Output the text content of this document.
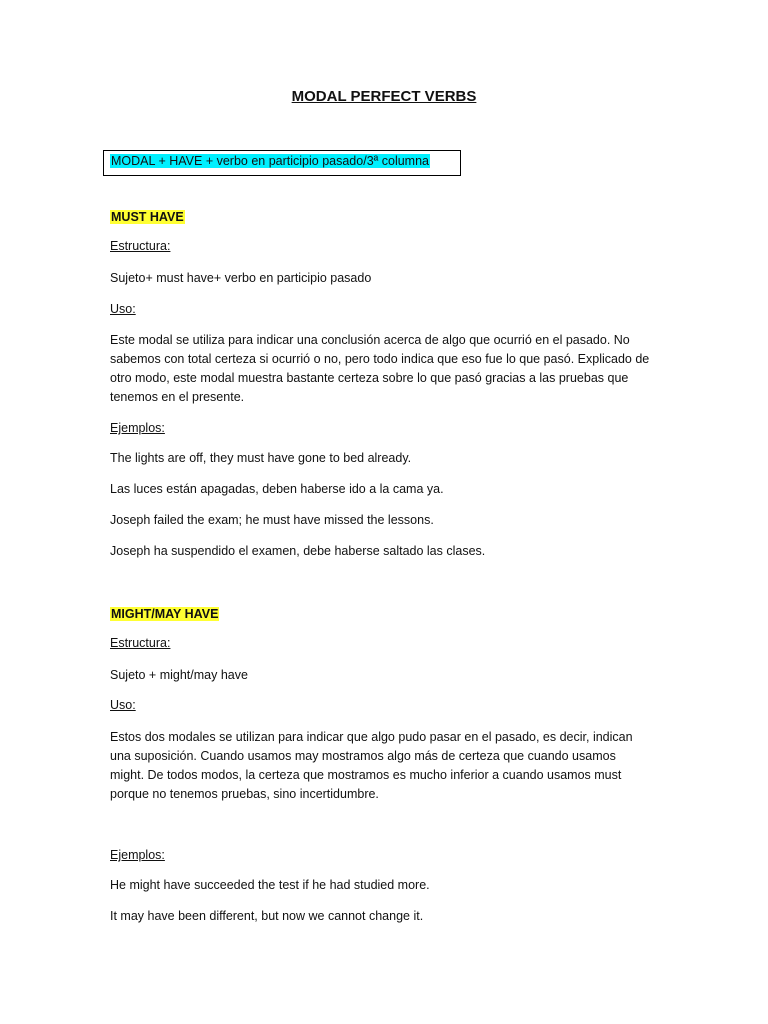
MODAL PERFECT VERBS
MODAL + HAVE + verbo en participio pasado/3ª columna
MUST HAVE
Estructura:
Sujeto+ must have+ verbo en participio pasado
Uso:

Este modal se utiliza para indicar una conclusión acerca de algo que ocurrió en el pasado. No sabemos con total certeza si ocurrió o no, pero todo indica que eso fue lo que pasó. Explicado de otro modo, este modal muestra bastante certeza sobre lo que pasó gracias a las pruebas que tenemos en el presente.

Ejemplos:
The lights are off, they must have gone to bed already.
Las luces están apagadas, deben haberse ido a la cama ya.
Joseph failed the exam; he must have missed the lessons.
Joseph ha suspendido el examen, debe haberse saltado las clases.
MIGHT/MAY HAVE
Estructura:
Sujeto + might/may have
Uso:

Estos dos modales se utilizan para indicar que algo pudo pasar en el pasado, es decir, indican una suposición. Cuando usamos may mostramos algo más de certeza que cuando usamos might. De todos modos, la certeza que mostramos es mucho inferior a cuando usamos must porque no tenemos pruebas, sino incertidumbre.

Ejemplos:
He might have succeeded the test if he had studied more.
It may have been different, but now we cannot change it.
